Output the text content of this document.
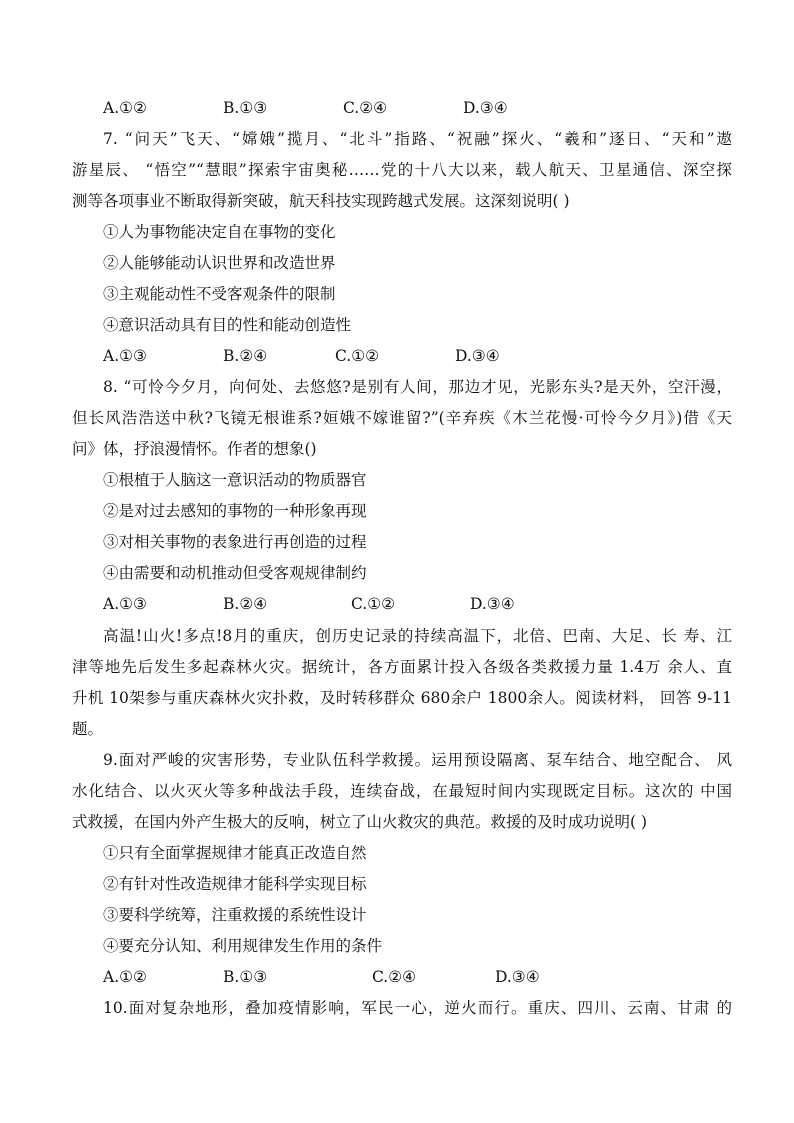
A.①②	B.①③	C.②④	D.③④
7. “问天”飞天、“嫦娥”揽月、“北斗”指路、“祝融”探火、“羲和”逐日、“天和”遨
游星辰、 “悟空”“慧眼”探索宇宙奥秘……党的十八大以来，载人航天、卫星通信、深空探
测等各项事业不断取得新突破，航天科技实现跨越式发展。这深刻说明( )
①人为事物能决定自在事物的变化
②人能够能动认识世界和改造世界
③主观能动性不受客观条件的限制
④意识活动具有目的性和能动创造性
A.①③	B.②④	C.①②	D.③④
8. “可怜今夕月，向何处、去悠悠?是别有人间，那边才见，光影东头?是天外，空汗漫，
但长风浩浩送中秋?飞镜无根谁系?姮娥不嫁谁留?”(辛弃疾《木兰花慢·可怜今夕月》)借《天
问》体，抒浪漫情怀。作者的想象()
①根植于人脑这一意识活动的物质器官
②是对过去感知的事物的一种形象再现
③对相关事物的表象进行再创造的过程
④由需要和动机推动但受客观规律制约
A.①③	B.②④	C.①②	D.③④
高温!山火!多点!8月的重庆，创历史记录的持续高温下，北倍、巴南、大足、长 寿、江
津等地先后发生多起森林火灾。据统计，各方面累计投入各级各类救援力量 1.4万 余人、直
升机 10架参与重庆森林火灾扑救，及时转移群众 680余户 1800余人。阅读材料， 回答 9-11
题。
9.面对严峻的灾害形势，专业队伍科学救援。运用预设隔离、泵车结合、地空配合、 风
水化结合、以火灭火等多种战法手段，连续奋战，在最短时间内实现既定目标。这次的 中国
式救援，在国内外产生极大的反响，树立了山火救灾的典范。救援的及时成功说明( )
①只有全面掌握规律才能真正改造自然
②有针对性改造规律才能科学实现目标
③要科学统筹，注重救援的系统性设计
④要充分认知、利用规律发生作用的条件
A.①②	B.①③	C.②④	D.③④
10.面对复杂地形，叠加疫情影响，军民一心，逆火而行。重庆、四川、云南、甘肃 的
